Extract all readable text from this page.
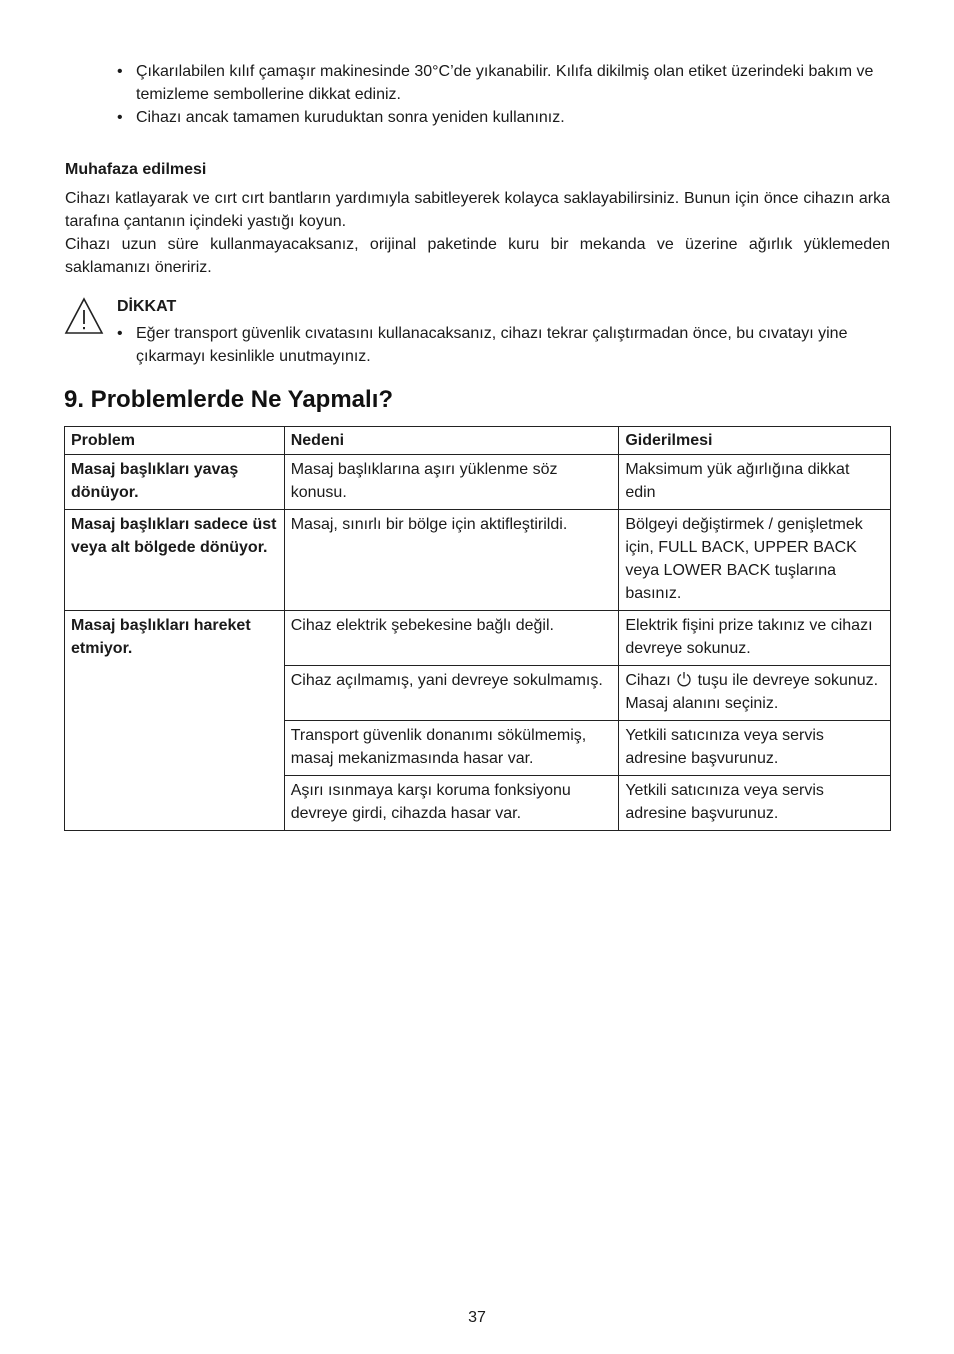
• Çıkarılabilen kılıf çamaşır makinesinde 30°C’de yıkanabilir. Kılıfa dikilmiş olan etiket üzerindeki bakım ve temizleme sembollerine dikkat ediniz.
• Cihazı ancak tamamen kuruduktan sonra yeniden kullanınız.
Muhafaza edilmesi

Cihazı katlayarak ve cırt cırt bantların yardımıyla sabitleyerek kolayca saklayabilirsiniz. Bunun için önce cihazın arka tarafına çantanın içindeki yastığı koyun.

Cihazı uzun süre kullanmayacaksanız, orijinal paketinde kuru bir mekanda ve üzerine ağırlık yüklemeden saklamanızı öneririz.

DİKKAT
• Eğer transport güvenlik cıvatasını kullanacaksanız, cihazı tekrar çalıştırmadan önce, bu cıvatayı yine çıkarmayı kesinlikle unutmayınız.
9. Problemlerde Ne Yapmalı?
Problem	Nedeni	Giderilmesi
Masaj başlıkları yavaş dönüyor.	Masaj başlıklarına aşırı yüklenme söz konusu.	Maksimum yük ağırlığına dikkat edin
Masaj başlıkları sadece üst veya alt bölgede dönüyor.	Masaj, sınırlı bir bölge için aktifleştirildi.	Bölgeyi değiştirmek / genişletmek için, FULL BACK, UPPER BACK veya LOWER BACK tuşlarına basınız.
Masaj başlıkları hareket etmiyor.	Cihaz elektrik şebekesine bağlı değil.	Elektrik fişini prize takınız ve cihazı devreye sokunuz.
	Cihaz açılmamış, yani devreye sokulmamış.	Cihazı tuşu ile devreye sokunuz. Masaj alanını seçiniz.
	Transport güvenlik donanımı sökülmemiş, masaj mekanizmasında hasar var.	Yetkili satıcınıza veya servis adresine başvurunuz.
	Aşırı ısınmaya karşı koruma fonksiyonu devreye girdi, cihazda hasar var.	Yetkili satıcınıza veya servis adresine başvurunuz.
37
